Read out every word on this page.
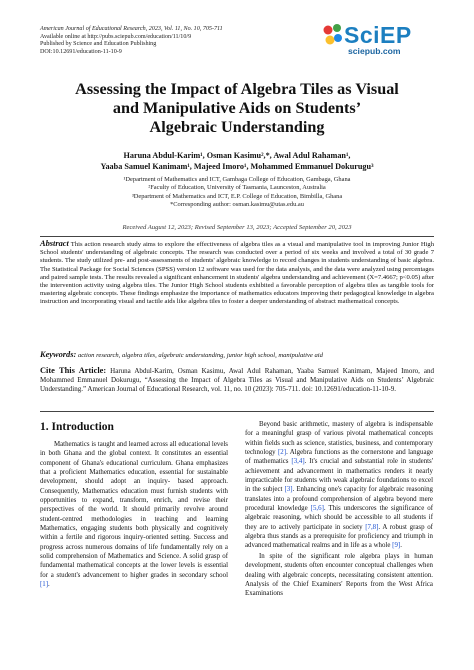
American Journal of Educational Research, 2023, Vol. 11, No. 10, 705-711
Available online at http://pubs.sciepub.com/education/11/10/9
Published by Science and Education Publishing
DOI:10.12691/education-11-10-9
SciEP
sciepub.com
Assessing the Impact of Algebra Tiles as Visual
and Manipulative Aids on Students’
Algebraic Understanding
Haruna Abdul-Karim¹, Osman Kasimu²,*, Awal Adul Rahaman¹,
Yaaba Samuel Kanimam¹, Majeed Imoro¹, Mohammed Emmanuel Dokurugu³
¹Department of Mathematics and ICT, Gambaga College of Education, Gambaga, Ghana
²Faculty of Education, University of Tasmania, Launceston, Australia
³Department of Mathematics and ICT, E.P. College of Education, Bimbilla, Ghana
*Corresponding author: osman.kasimu@utas.edu.au
Received August 12, 2023; Revised September 13, 2023; Accepted September 20, 2023
Abstract This action research study aims to explore the effectiveness of algebra tiles as a visual and manipulative tool in improving Junior High School students' understanding of algebraic concepts. The research was conducted over a period of six weeks and involved a total of 30 grade 7 students. The study utilized pre- and post-assessments of students' algebraic knowledge to record changes in students understanding of basic algebra. The Statistical Package for Social Sciences (SPSS) version 12 software was used for the data analysis, and the data were analyzed using percentages and paired sample tests. The results revealed a significant enhancement in students' algebra understanding and achievement (X=7.4667; p<0.05) after the intervention activity using algebra tiles. The Junior High School students exhibited a favorable perception of algebra tiles as tangible tools for mastering algebraic concepts. These findings emphasize the importance of mathematics educators improving their pedagogical knowledge in algebra instruction and incorporating visual and tactile aids like algebra tiles to foster a deeper understanding of abstract mathematical concepts.
Keywords: action research, algebra tiles, algebraic understanding, junior high school, manipulative aid
Cite This Article: Haruna Abdul-Karim, Osman Kasimu, Awal Adul Rahaman, Yaaba Samuel Kanimam, Majeed Imoro, and Mohammed Emmanuel Dokurugu, “Assessing the Impact of Algebra Tiles as Visual and Manipulative Aids on Students’ Algebraic Understanding.” American Journal of Educational Research, vol. 11, no. 10 (2023): 705-711. doi: 10.12691/education-11-10-9.
1. Introduction

Mathematics is taught and learned across all educational levels in both Ghana and the global context. It constitutes an essential component of Ghana's educational curriculum. Ghana emphasizes that a proficient Mathematics education, essential for sustainable development, should adopt an inquiry- based approach. Consequently, Mathematics education must furnish students with opportunities to expand, transform, enrich, and revise their perspectives of the world. It should primarily revolve around student-centred methodologies in teaching and learning Mathematics, engaging students both physically and cognitively within a fertile and rigorous inquiry-oriented setting. Success and progress across numerous domains of life fundamentally rely on a solid comprehension of Mathematics and Science. A solid grasp of fundamental mathematical concepts at the lower levels is essential for a student's advancement to higher grades in secondary school [1].

Beyond basic arithmetic, mastery of algebra is indispensable for a meaningful grasp of various pivotal mathematical concepts within fields such as science, statistics, business, and contemporary technology [2]. Algebra functions as the cornerstone and language of mathematics [3,4]. It's crucial and substantial role in students' achievement and advancement in mathematics renders it nearly impracticable for students with weak algebraic foundations to excel in the subject [3]. Enhancing one's capacity for algebraic reasoning translates into a profound comprehension of algebra beyond mere procedural knowledge [5,6]. This underscores the significance of algebraic reasoning, which should be accessible to all students if they are to actively participate in society [7,8]. A robust grasp of algebra thus stands as a prerequisite for proficiency and triumph in advanced mathematical realms and in life as a whole [9].

In spite of the significant role algebra plays in human development, students often encounter conceptual challenges when dealing with algebraic concepts, necessitating consistent attention. Analysis of the Chief Examiners' Reports from the West Africa Examinations
